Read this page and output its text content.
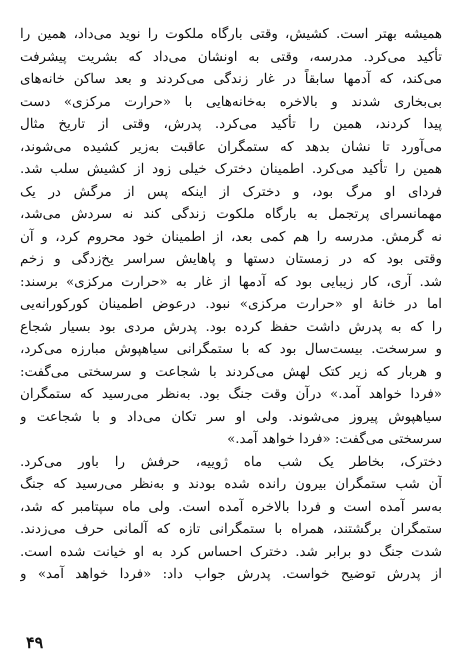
همیشه بهتر است. کشیش، وقتی بارگاه ملکوت را نوید می‌داد، همین را
تأکید می‌کرد. مدرسه، وقتی به‌ اونشان می‌داد که بشریت پیشرفت
می‌کند، که آدمها سابقاً در غار زندگی می‌کردند و بعد ساکن خانه‌های
بی‌بخاری شدند و بالاخره به‌خانه‌هایی با «حرارت مرکزی» دست
پیدا کردند، همین را تأکید می‌کرد. پدرش، وقتی از تاریخ مثال
می‌آورد تا نشان بدهد که ستمگران عاقبت به‌زیر کشیده می‌شوند،
همین را تأکید می‌کرد. اطمینان دخترک خیلی زود از کشیش سلب شد.
فردای او مرگ بود، و دخترک از اینکه پس از مرگش در یک
مهمانسرای پرتجمل به بارگاه ملکوت زندگی کند نه سردش می‌شد،
نه گرمش. مدرسه را هم کمی بعد، از اطمینان خود محروم کرد، و آن
وقتی بود که در زمستان دستها و پاهایش سراسر یخ‌زدگی و زخم
شد. آری، کار زیبایی بود که آدمها از غار به «حرارت مرکزی» برسند:
اما در خانهٔ او «حرارت مرکزی» نبود. درعوض اطمینان کورکورانه‌یی
را که به‌ پدرش داشت حفظ کرده بود. پدرش مردی بود بسیار شجاع
و سرسخت. بیست‌سال بود که با ستمگرانی سیاهپوش مبارزه می‌کرد،
و هربار که زیر کتک لهش می‌کردند با شجاعت و سرسختی می‌گفت:
«فردا خواهد آمد.» درآن وقت جنگ بود. به‌نظر می‌رسید که ستمگران
سیاهپوش پیروز می‌شوند. ولی او سر تکان می‌داد و با شجاعت و
سرسختی می‌گفت: «فردا خواهد آمد.»
دخترک، بخاطر یک شب ماه ژوییه، حرفش را باور می‌کرد.
آن شب ستمگران بیرون رانده شده بودند و به‌نظر می‌رسید که جنگ
به‌سر آمده است و فردا بالاخره آمده است. ولی ماه سپتامبر که شد،
ستمگران برگشتند، همراه با ستمگرانی تازه که آلمانی حرف می‌زدند.
شدت جنگ دو برابر شد. دخترک احساس کرد به‌ او خیانت شده است.
از پدرش توضیح خواست. پدرش جواب داد: «فردا خواهد آمد» و
۴۹
